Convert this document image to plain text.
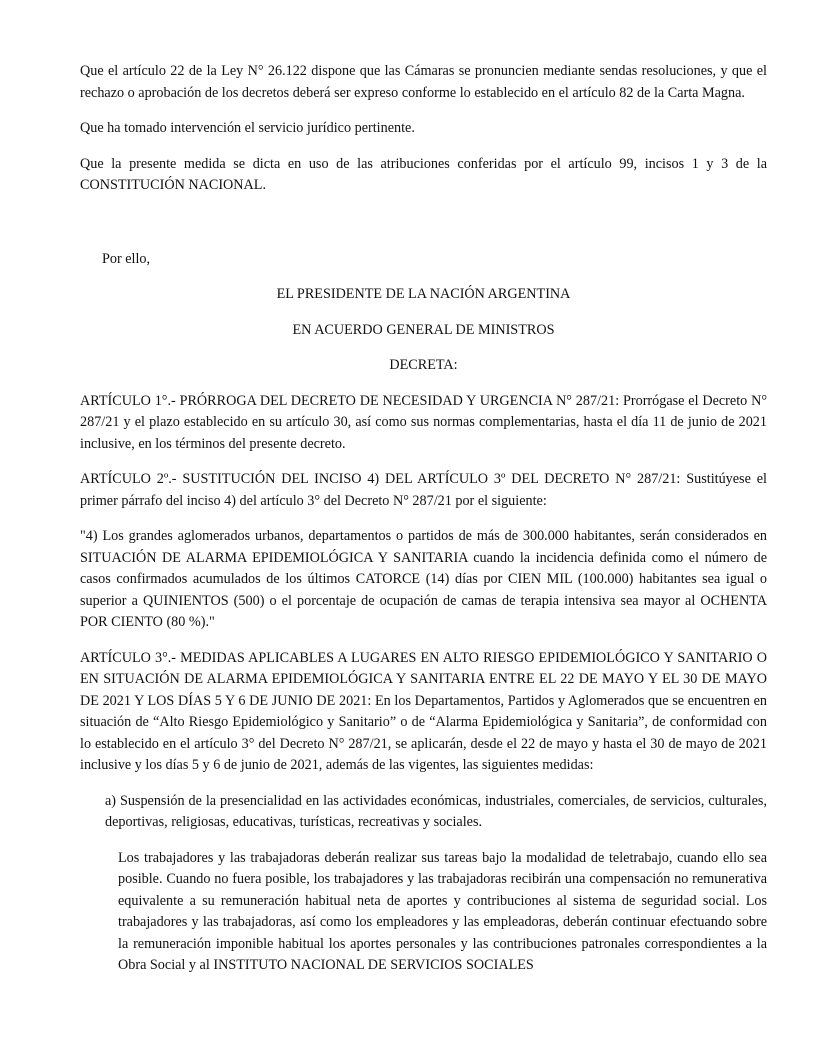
Que el artículo 22 de la Ley N° 26.122 dispone que las Cámaras se pronuncien mediante sendas resoluciones, y que el rechazo o aprobación de los decretos deberá ser expreso conforme lo establecido en el artículo 82 de la Carta Magna.

Que ha tomado intervención el servicio jurídico pertinente.

Que la presente medida se dicta en uso de las atribuciones conferidas por el artículo 99, incisos 1 y 3 de la CONSTITUCIÓN NACIONAL.

Por ello,

EL PRESIDENTE DE LA NACIÓN ARGENTINA

EN ACUERDO GENERAL DE MINISTROS

DECRETA:

ARTÍCULO 1°.- PRÓRROGA DEL DECRETO DE NECESIDAD Y URGENCIA N° 287/21: Prorrógase el Decreto N° 287/21 y el plazo establecido en su artículo 30, así como sus normas complementarias, hasta el día 11 de junio de 2021 inclusive, en los términos del presente decreto.

ARTÍCULO 2º.- SUSTITUCIÓN DEL INCISO 4) DEL ARTÍCULO 3º DEL DECRETO N° 287/21: Sustitúyese el primer párrafo del inciso 4) del artículo 3° del Decreto N° 287/21 por el siguiente:

"4) Los grandes aglomerados urbanos, departamentos o partidos de más de 300.000 habitantes, serán considerados en SITUACIÓN DE ALARMA EPIDEMIOLÓGICA Y SANITARIA cuando la incidencia definida como el número de casos confirmados acumulados de los últimos CATORCE (14) días por CIEN MIL (100.000) habitantes sea igual o superior a QUINIENTOS (500) o el porcentaje de ocupación de camas de terapia intensiva sea mayor al OCHENTA POR CIENTO (80 %)."

ARTÍCULO 3°.- MEDIDAS APLICABLES A LUGARES EN ALTO RIESGO EPIDEMIOLÓGICO Y SANITARIO O EN SITUACIÓN DE ALARMA EPIDEMIOLÓGICA Y SANITARIA ENTRE EL 22 DE MAYO Y EL 30 DE MAYO DE 2021 Y LOS DÍAS 5 Y 6 DE JUNIO DE 2021: En los Departamentos, Partidos y Aglomerados que se encuentren en situación de “Alto Riesgo Epidemiológico y Sanitario” o de “Alarma Epidemiológica y Sanitaria”, de conformidad con lo establecido en el artículo 3° del Decreto N° 287/21, se aplicarán, desde el 22 de mayo y hasta el 30 de mayo de 2021 inclusive y los días 5 y 6 de junio de 2021, además de las vigentes, las siguientes medidas:

a) Suspensión de la presencialidad en las actividades económicas, industriales, comerciales, de servicios, culturales, deportivas, religiosas, educativas, turísticas, recreativas y sociales.

Los trabajadores y las trabajadoras deberán realizar sus tareas bajo la modalidad de teletrabajo, cuando ello sea posible. Cuando no fuera posible, los trabajadores y las trabajadoras recibirán una compensación no remunerativa equivalente a su remuneración habitual neta de aportes y contribuciones al sistema de seguridad social. Los trabajadores y las trabajadoras, así como los empleadores y las empleadoras, deberán continuar efectuando sobre la remuneración imponible habitual los aportes personales y las contribuciones patronales correspondientes a la Obra Social y al INSTITUTO NACIONAL DE SERVICIOS SOCIALES
